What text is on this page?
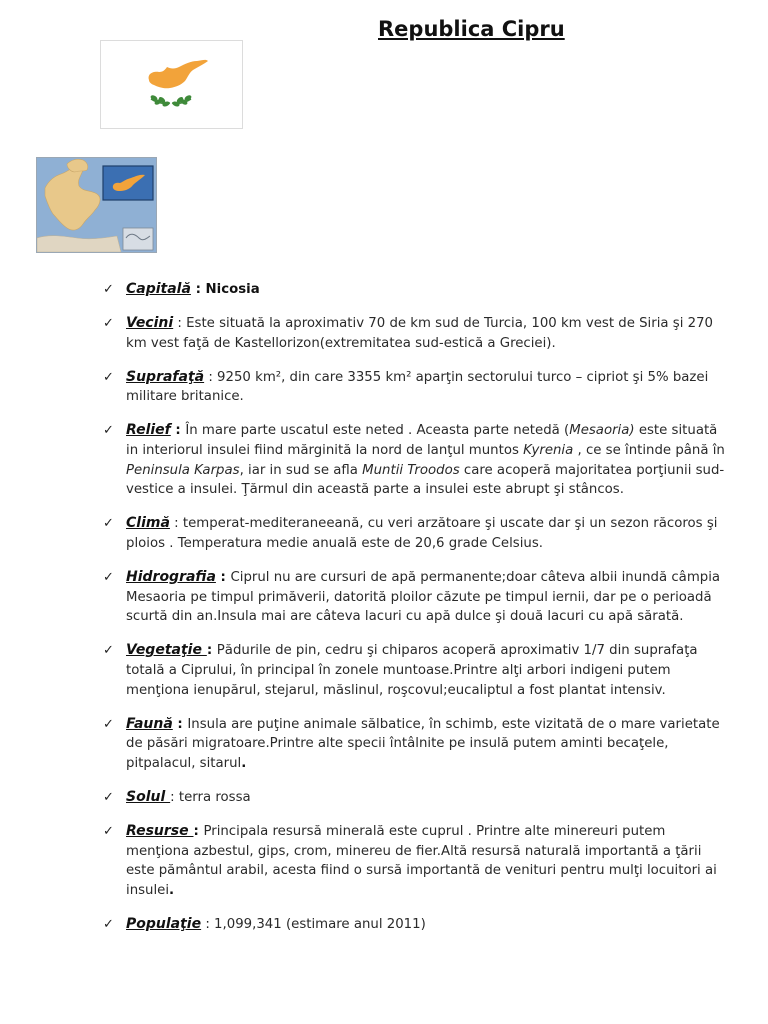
Republica Cipru
✓ Capitală : Nicosia
✓ Vecini : Este situată la aproximativ 70 de km sud de Turcia, 100 km vest de Siria şi 270 km vest faţă de Kastellorizon(extremitatea sud-estică a Greciei).
✓ Suprafaţă : 9250 km², din care 3355 km² aparţin sectorului turco – cipriot şi 5% bazei militare britanice.
✓ Relief : În mare parte uscatul este neted . Aceasta parte netedă (Mesaoria) este situată in interiorul insulei fiind mărginită la nord de lanţul muntos Kyrenia , ce se întinde până în Peninsula Karpas, iar in sud se afla Muntii Troodos care acoperă majoritatea porţiunii sud-vestice a insulei. Ţărmul din această parte a insulei este abrupt şi stâncos.
✓ Climă : temperat-mediteraneeană, cu veri arzătoare şi uscate dar şi un sezon răcoros şi ploios . Temperatura medie anuală este de 20,6 grade Celsius.
✓ Hidrografia : Ciprul nu are cursuri de apă permanente;doar câteva albii inundă câmpia Mesaoria pe timpul primăverii, datorită ploilor căzute pe timpul iernii, dar pe o perioadă scurtă din an.Insula mai are câteva lacuri cu apă dulce şi două lacuri cu apă sărată.
✓ Vegetaţie : Pădurile de pin, cedru şi chiparos acoperă aproximativ 1/7 din suprafaţa totală a Ciprului, în principal în zonele muntoase.Printre alţi arbori indigeni putem menţiona ienupărul, stejarul, măslinul, roşcovul;eucaliptul a fost plantat intensiv.
✓ Faună : Insula are puţine animale sălbatice, în schimb, este vizitată de o mare varietate de păsări migratoare.Printre alte specii întâlnite pe insulă putem aminti becaţele, pitpalacul, sitarul.
✓ Solul : terra rossa
✓ Resurse : Principala resursă minerală este cuprul . Printre alte minereuri putem menţiona azbestul, gips, crom, minereu de fier.Altă resursă naturală importantă a ţării este pământul arabil, acesta fiind o sursă importantă de venituri pentru mulţi locuitori ai insulei.
✓ Populaţie : 1,099,341 (estimare anul 2011)
